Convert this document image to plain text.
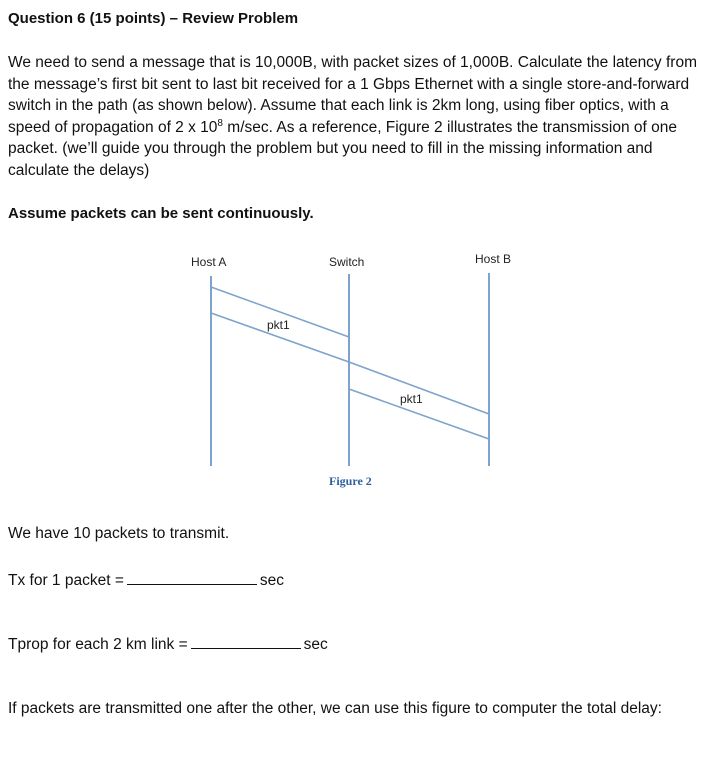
Question 6 (15 points) – Review Problem
We need to send a message that is 10,000B, with packet sizes of 1,000B. Calculate the latency from the message’s first bit sent to last bit received for a 1 Gbps Ethernet with a single store-and-forward switch in the path (as shown below). Assume that each link is 2km long, using fiber optics, with a speed of propagation of 2 x $10^8$ m/sec. As a reference, Figure 2 illustrates the transmission of one packet. (we’ll guide you through the problem but you need to fill in the missing information and calculate the delays)
Assume packets can be sent continuously.
Host A	Switch	Host B
pkt1
pkt1
Figure 2
We have 10 packets to transmit.
Tx for 1 packet =	sec
Tprop for each 2 km link =	sec
If packets are transmitted one after the other, we can use this figure to computer the total delay:
